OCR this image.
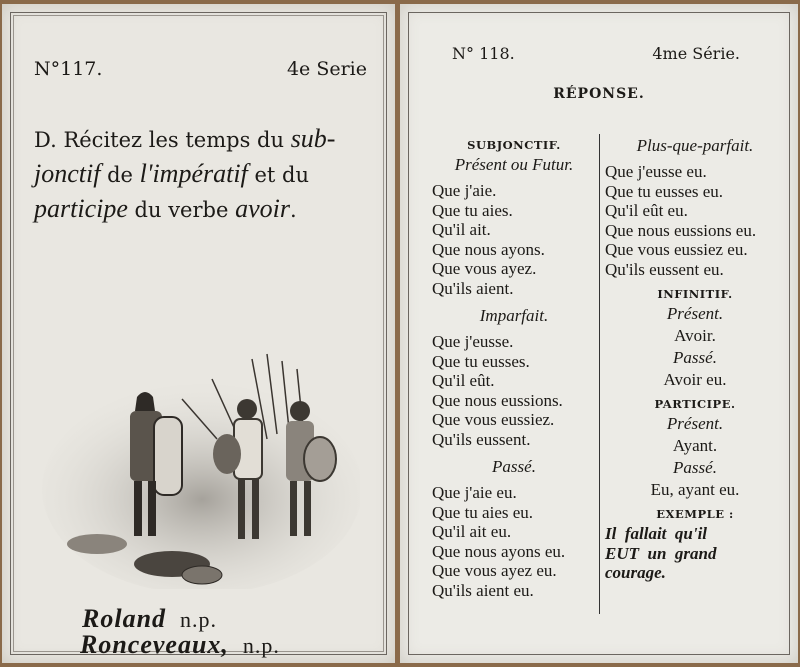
N°117.	4e Serie
D. Récitez les temps du sub-
jonctif de l'impératif et du
participe du verbe avoir.
Roland n.p.
Ronceveaux, n.p.
N° 118.	4me Série.
RÉPONSE.
SUBJONCTIF.
Présent ou Futur.
Que j'aie.
Que tu aies.
Qu'il ait.
Que nous ayons.
Que vous ayez.
Qu'ils aient.
Imparfait.
Que j'eusse.
Que tu eusses.
Qu'il eût.
Que nous eussions.
Que vous eussiez.
Qu'ils eussent.
Passé.
Que j'aie eu.
Que tu aies eu.
Qu'il ait eu.
Que nous ayons eu.
Que vous ayez eu.
Qu'ils aient eu.
Plus-que-parfait.
Que j'eusse eu.
Que tu eusses eu.
Qu'il eût eu.
Que nous eussions eu.
Que vous eussiez eu.
Qu'ils eussent eu.
INFINITIF.
Présent.
Avoir.
Passé.
Avoir eu.
PARTICIPE.
Présent.
Ayant.
Passé.
Eu, ayant eu.
EXEMPLE :
Il  fallait  qu'il
EUT  un  grand
courage.
